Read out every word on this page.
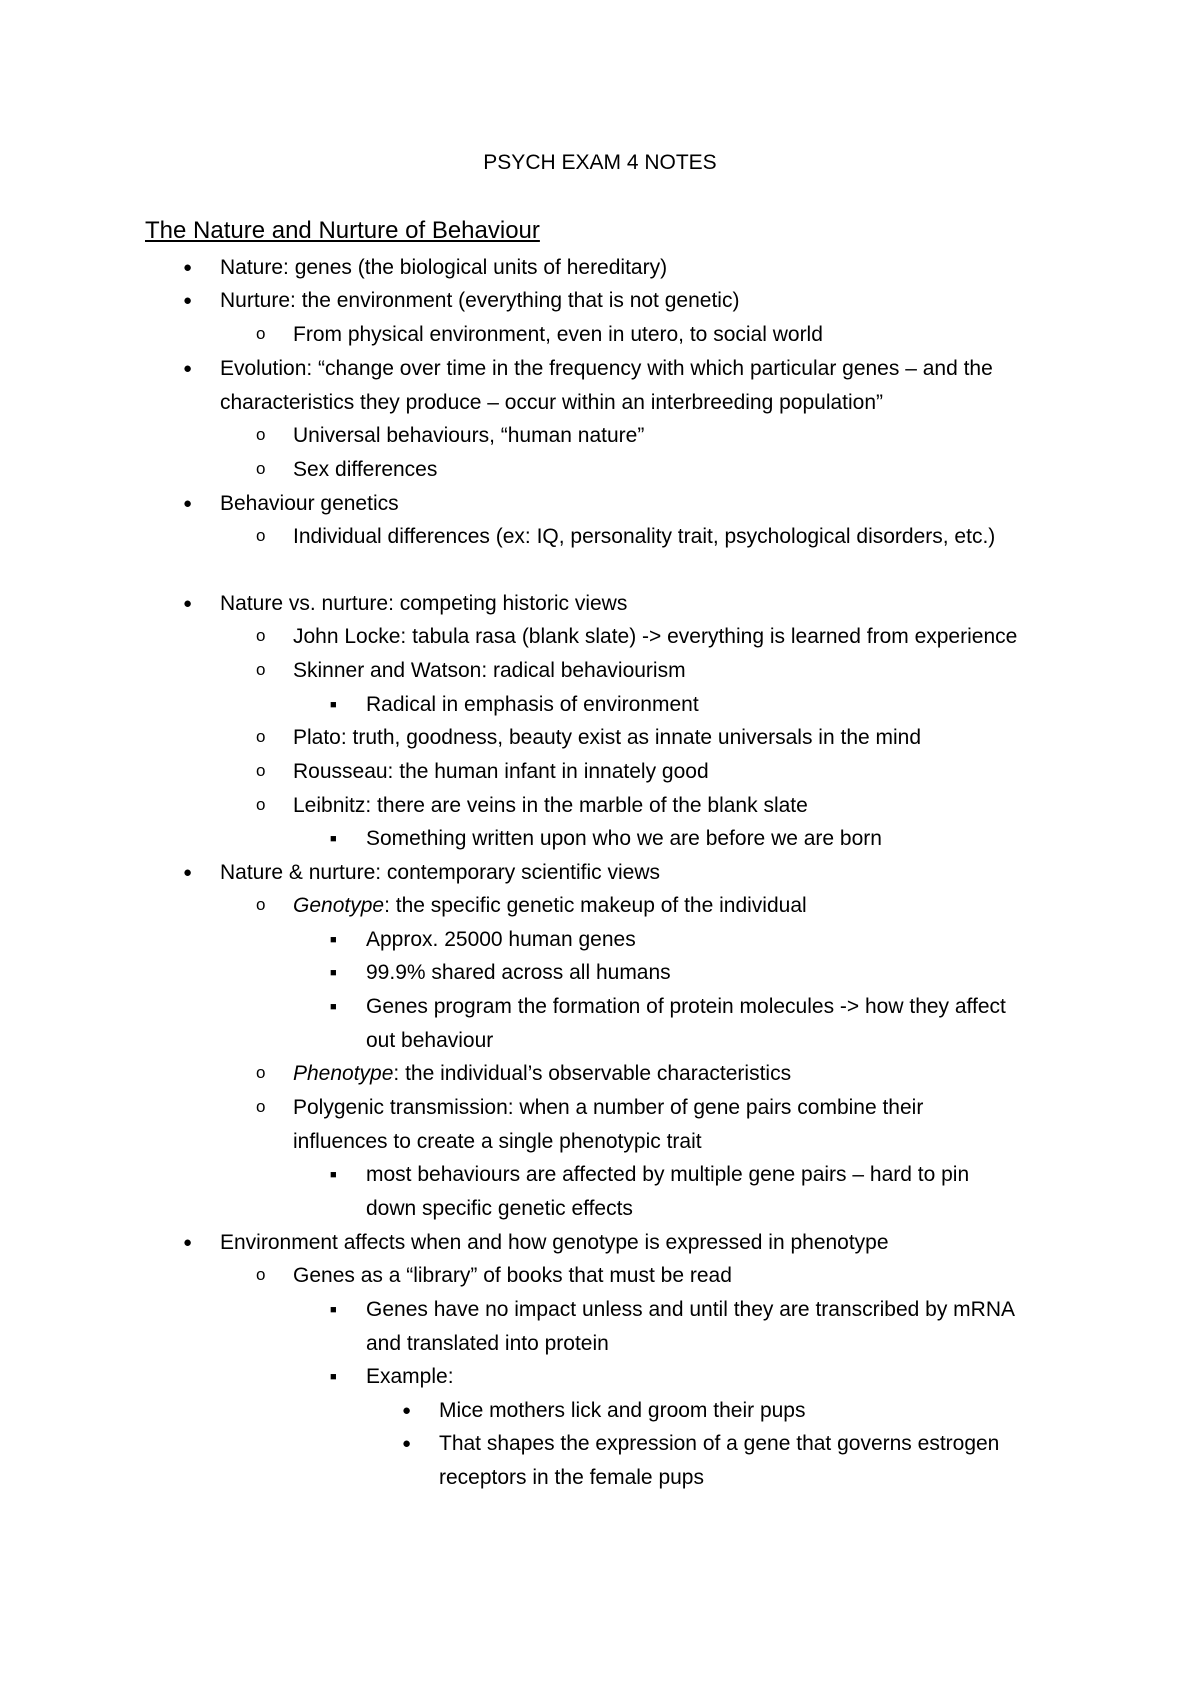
PSYCH EXAM 4 NOTES
The Nature and Nurture of Behaviour
● Nature: genes (the biological units of hereditary)
● Nurture: the environment (everything that is not genetic)
o From physical environment, even in utero, to social world
● Evolution: “change over time in the frequency with which particular genes – and the
characteristics they produce – occur within an interbreeding population”
o Universal behaviours, “human nature”
o Sex differences
● Behaviour genetics
o Individual differences (ex: IQ, personality trait, psychological disorders, etc.)
● Nature vs. nurture: competing historic views
o John Locke: tabula rasa (blank slate) -> everything is learned from experience
o Skinner and Watson: radical behaviourism
■ Radical in emphasis of environment
o Plato: truth, goodness, beauty exist as innate universals in the mind
o Rousseau: the human infant in innately good
o Leibnitz: there are veins in the marble of the blank slate
■ Something written upon who we are before we are born
● Nature & nurture: contemporary scientific views
o Genotype: the specific genetic makeup of the individual
■ Approx. 25000 human genes
■ 99.9% shared across all humans
■ Genes program the formation of protein molecules -> how they affect
out behaviour
o Phenotype: the individual’s observable characteristics
o Polygenic transmission: when a number of gene pairs combine their
influences to create a single phenotypic trait
■ most behaviours are affected by multiple gene pairs – hard to pin
down specific genetic effects
● Environment affects when and how genotype is expressed in phenotype
o Genes as a “library” of books that must be read
■ Genes have no impact unless and until they are transcribed by mRNA
and translated into protein
■ Example:
● Mice mothers lick and groom their pups
● That shapes the expression of a gene that governs estrogen
receptors in the female pups
